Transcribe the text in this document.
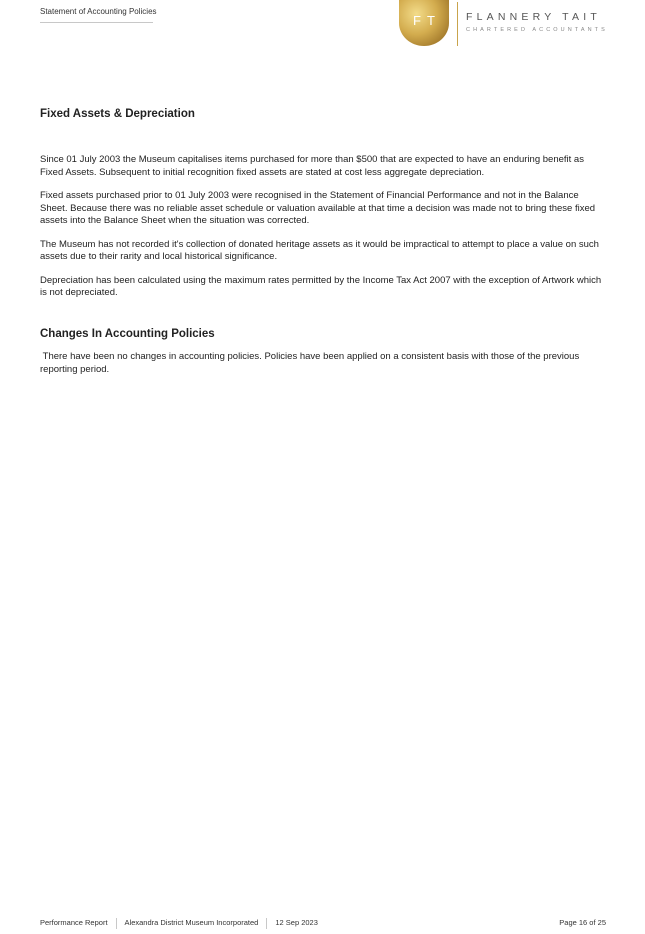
Statement of Accounting Policies
FT	FLANNERY TAIT
CHARTERED ACCOUNTANTS
Fixed Assets & Depreciation

Since 01 July 2003 the Museum capitalises items purchased for more than $500 that are expected to have an enduring benefit as Fixed Assets. Subsequent to initial recognition fixed assets are stated at cost less aggregate depreciation.

Fixed assets purchased prior to 01 July 2003 were recognised in the Statement of Financial Performance and not in the Balance Sheet. Because there was no reliable asset schedule or valuation available at that time a decision was made not to bring these fixed assets into the Balance Sheet when the situation was corrected.

The Museum has not recorded it's collection of donated heritage assets as it would be impractical to attempt to place a value on such assets due to their rarity and local historical significance.

Depreciation has been calculated using the maximum rates permitted by the Income Tax Act 2007 with the exception of Artwork which is not depreciated.

Changes In Accounting Policies

There have been no changes in accounting policies. Policies have been applied on a consistent basis with those of the previous reporting period.

Performance Report Alexandra District Museum Incorporated 12 Sep 2023	Page 16 of 25
